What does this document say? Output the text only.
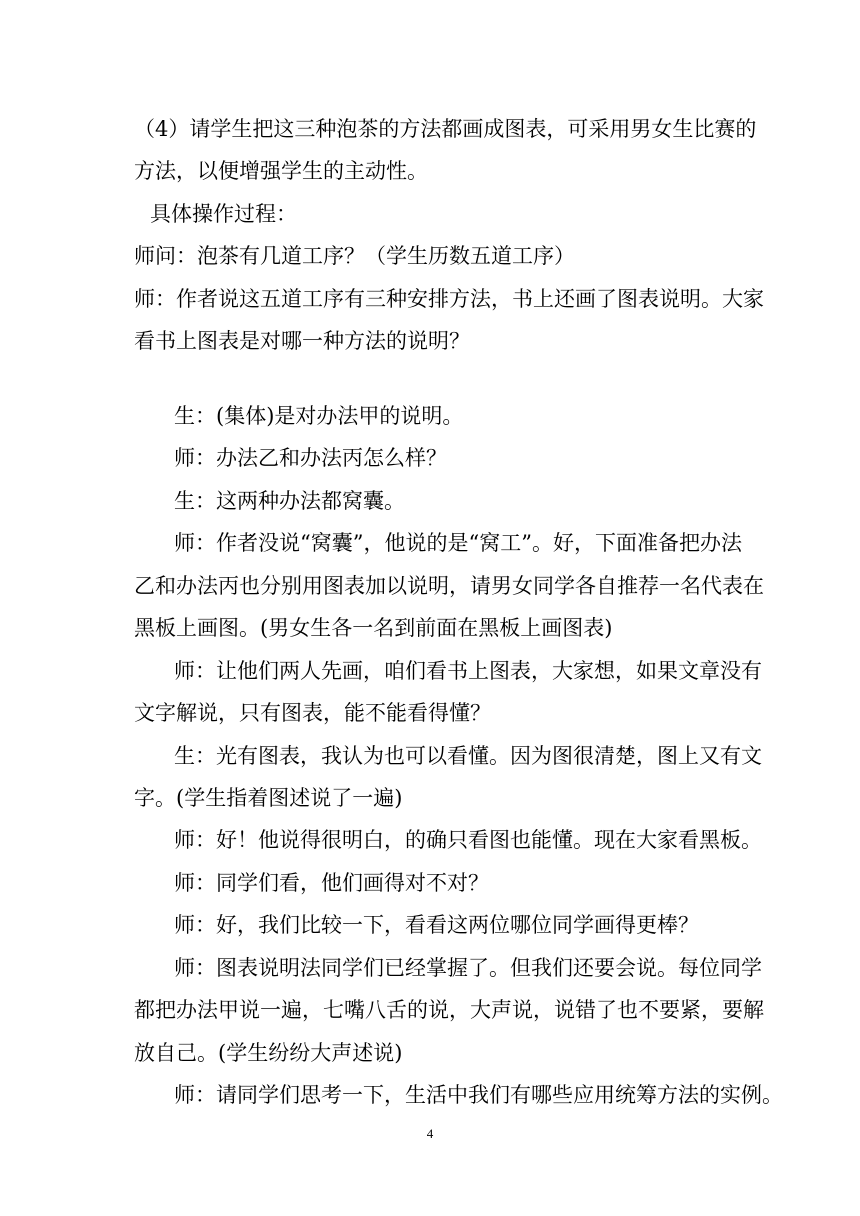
（4）请学生把这三种泡茶的方法都画成图表，可采用男女生比赛的
方法，以便增强学生的主动性。
具体操作过程：
师问：泡茶有几道工序？（学生历数五道工序）
师：作者说这五道工序有三种安排方法，书上还画了图表说明。大家
看书上图表是对哪一种方法的说明？
生：(集体)是对办法甲的说明。
师：办法乙和办法丙怎么样？
生：这两种办法都窝囊。
师：作者没说“窝囊”，他说的是“窝工”。好，下面准备把办法
乙和办法丙也分别用图表加以说明，请男女同学各自推荐一名代表在
黑板上画图。(男女生各一名到前面在黑板上画图表)
师：让他们两人先画，咱们看书上图表，大家想，如果文章没有
文字解说，只有图表，能不能看得懂？
生：光有图表，我认为也可以看懂。因为图很清楚，图上又有文
字。(学生指着图述说了一遍)
师：好！他说得很明白，的确只看图也能懂。现在大家看黑板。
师：同学们看，他们画得对不对？
师：好，我们比较一下，看看这两位哪位同学画得更棒？
师：图表说明法同学们已经掌握了。但我们还要会说。每位同学
都把办法甲说一遍，七嘴八舌的说，大声说，说错了也不要紧，要解
放自己。(学生纷纷大声述说)
师：请同学们思考一下，生活中我们有哪些应用统筹方法的实例。
4
